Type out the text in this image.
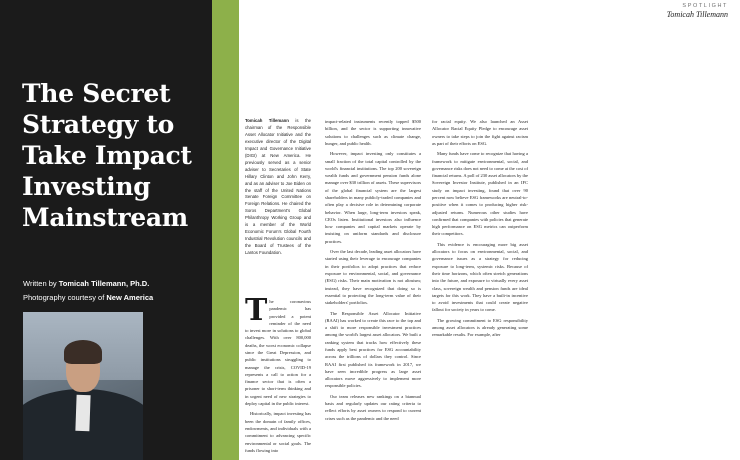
The Secret Strategy to Take Impact Investing Mainstream
Written by Tomicah Tillemann, Ph.D.
Photography courtesy of New America
SPOTLIGHT
Tomicah Tillemann
Tomicah Tillemann is the chairman of the Responsible Asset Allocator Initiative and the executive director of the Digital Impact and Governance Initiative (DIGI) at New America. He previously served as a senior adviser to Secretaries of State Hillary Clinton and John Kerry, and as an adviser to Joe Biden on the staff of the United Nations Senate Foreign Committee on Foreign Relations. He chaired the Soros Department's Global Philanthropy Working Group and is a member of the World Economic Forum's Global Fourth Industrial Revolution councils and the Board of Trustees of the Lantos Foundation.

The coronavirus pandemic has provided a potent reminder of the need to invest more in solutions to global challenges. With over 800,000 deaths, the worst economic collapse since the Great Depression, and public institutions struggling to manage the crisis, COVID-19 represents a call to action for a finance sector that is often a prisoner to short-term thinking and in urgent need of new strategies to deploy capital in the public interest.

Historically, impact investing has been the domain of family offices, endowments, and individuals with a commitment to advancing specific environmental or social goals. The funds flowing into

impact-related instruments recently topped $500 billion, and the sector is supporting innovative solutions to challenges such as climate change, hunger, and public health.

However, impact investing only constitutes a small fraction of the total capital controlled by the world's financial institutions. The top 200 sovereign wealth funds and government pension funds alone manage over $30 trillion of assets. These supervisors of the global financial system are the largest shareholders in many publicly-traded companies and often play a decisive role in determining corporate behavior. When large, long-term investors speak, CEOs listen. Institutional investors also influence how companies and capital markets operate by insisting on uniform standards and disclosure practices.

Over the last decade, leading asset allocators have started using their leverage to encourage companies in their portfolios to adopt practices that reduce exposure to environmental, social, and governance (ESG) risks. Their main motivation is not altruism; instead, they have recognized that doing so is essential to protecting the long-term value of their stakeholders' portfolios.

The Responsible Asset Allocator Initiative (RAAI) has worked to create this race to the top and a shift to more responsible investment practices among the world's largest asset allocators. We built a ranking system that tracks how effectively these funds apply best practices for ESG accountability across the trillions of dollars they control. Since RAAI first published its framework in 2017, we have seen incredible progress as large asset allocators move aggressively to implement more responsible policies.

Our team releases new rankings on a biannual basis and regularly updates our rating criteria to reflect efforts by asset owners to respond to current crises such as the pandemic and the need

for racial equity. We also launched an Asset Allocator Racial Equity Pledge to encourage asset owners to take steps to join the fight against racism as part of their efforts on ESG.

Many funds have come to recognize that having a framework to mitigate environmental, social, and governance risks does not need to come at the cost of financial returns. A poll of 230 asset allocators by the Sovereign Investor Institute, published in an IFC study on impact investing, found that over 90 percent now believe ESG frameworks are neutral-to-positive when it comes to producing higher risk-adjusted returns. Numerous other studies have confirmed that companies with policies that generate high performance on ESG metrics can outperform their competitors.

This evidence is encouraging more big asset allocators to focus on environmental, social, and governance issues as a strategy for reducing exposure to long-term, systemic risks. Because of their time horizons, which often stretch generations into the future, and exposure to virtually every asset class, sovereign wealth and pension funds are ideal targets for this work. They have a built-in incentive to avoid investments that could create negative fallout for society in years to come.

The growing commitment to ESG responsibility among asset allocators is already generating some remarkable results. For example, after
